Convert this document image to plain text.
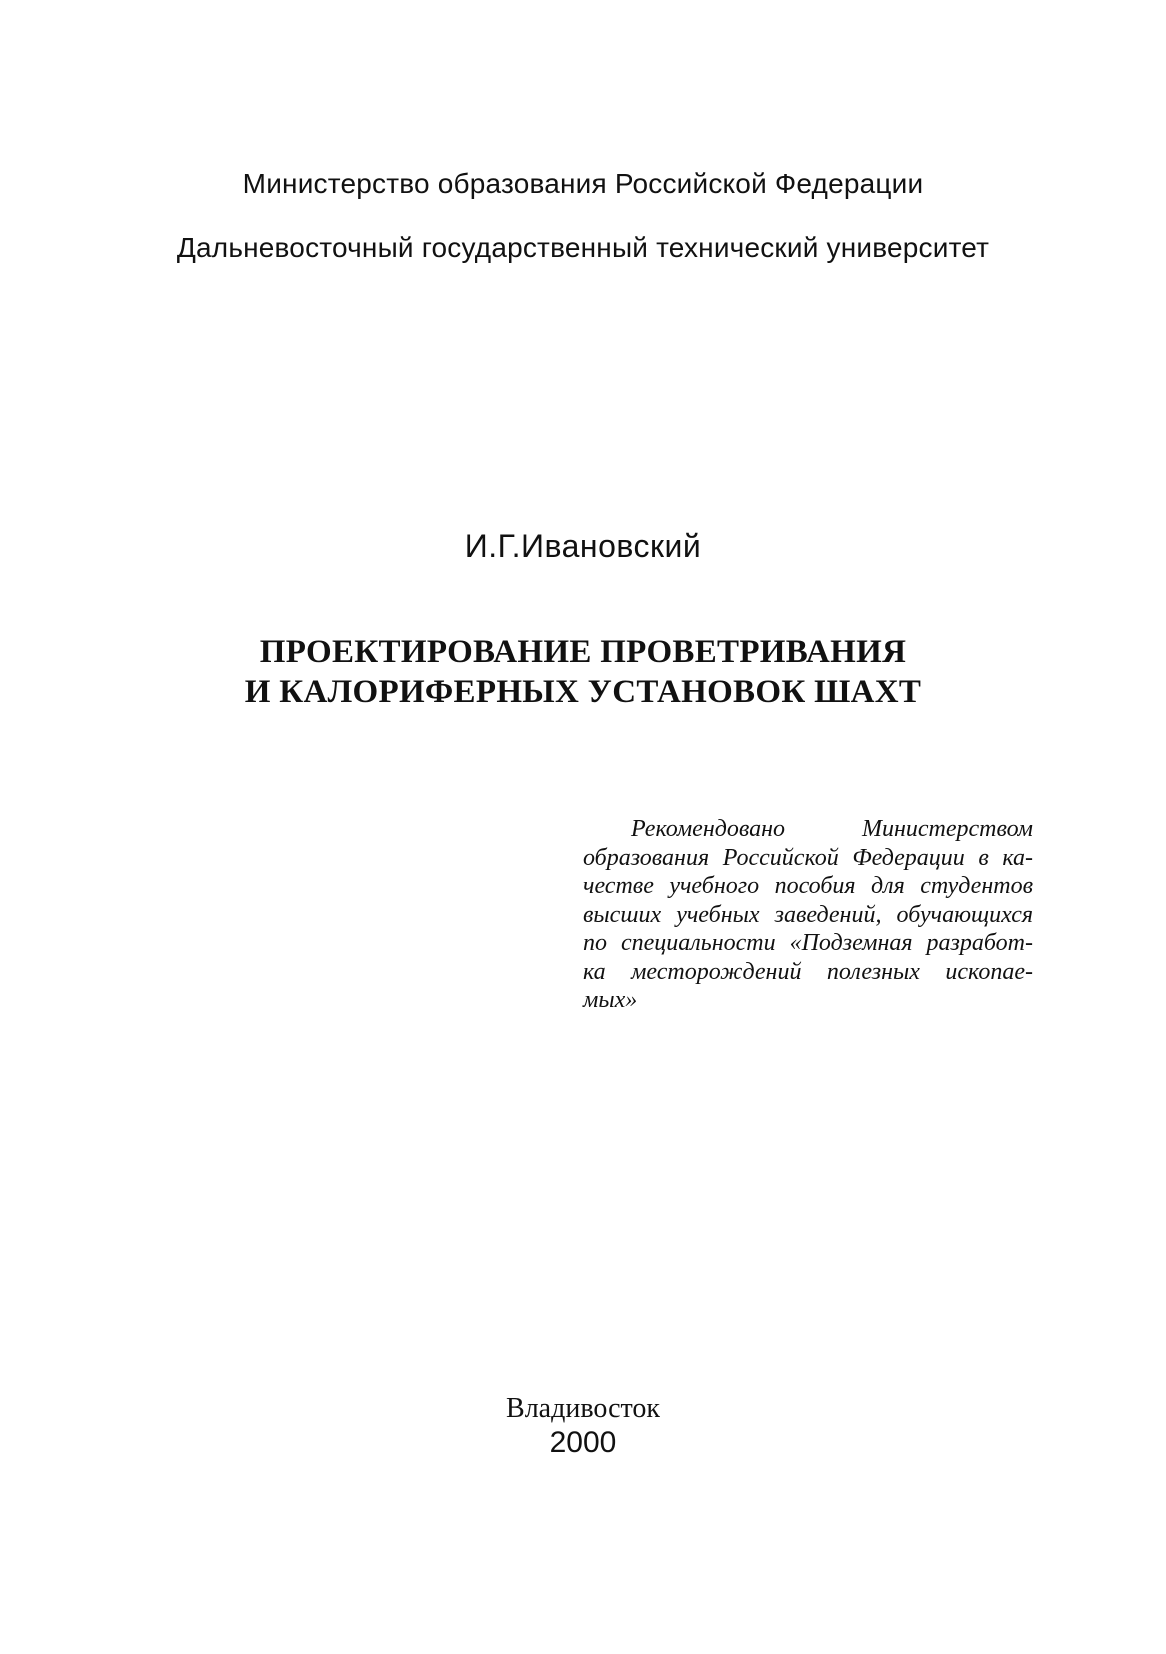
Министерство образования Российской Федерации
Дальневосточный государственный технический университет
И.Г.Ивановский
ПРОЕКТИРОВАНИЕ ПРОВЕТРИВАНИЯ
И КАЛОРИФЕРНЫХ УСТАНОВОК ШАХТ
Рекомендовано Министерством
образования Российской Федерации в ка-
честве учебного пособия для студентов
высших учебных заведений, обучающихся
по специальности «Подземная разработ-
ка месторождений полезных ископае-
мых»
Владивосток
2000
